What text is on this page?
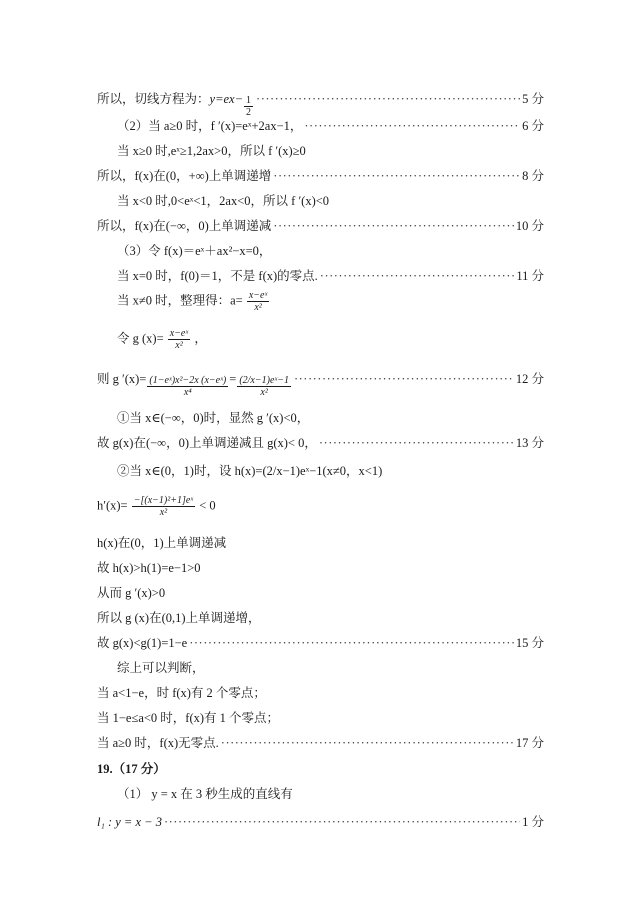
所以，切线方程为： $y=ex- \frac{1}{2}$ ·····	5 分
（2）当 a≥0 时，f ′(x)=eˣ+2ax−1， ·····	6 分
当 x≥0 时,eˣ≥1,2ax>0，所以 f ′(x)≥0
所以，f(x)在(0，+∞)上单调递增 ·····	8 分
当 x<0 时,0<eˣ<1，2ax<0，所以 f ′(x)<0
所以，f(x)在(−∞，0)上单调递减 ·····	10 分
（3）令 f(x)＝eˣ＋ax²−x=0，
当 x=0 时，f(0)＝1，不是 f(x)的零点. ·····	11 分
当 x≠0 时，整理得：$a= \frac{\text{x−eˣ}}{\text{x²}}$
令 g $(x)= \frac{\text{x−eˣ}}{\text{x²}}$ ，
则 g $'(x)= \frac{\text{(1−eˣ)x²−2x (x−eˣ)}}{\text{x⁴}} = \frac{\text{(2/x−1)eˣ−1}}{\text{x²}}$ ·····	12 分
①当 x∈(−∞，0)时，显然 g ′(x)<0，
故 g(x)在(−∞，0)上单调递减且 g(x)< 0， ·····	13 分
②当 x∈(0，1)时，设 h(x)=(2/x−1)eˣ−1(x≠0，x<1)
$h'(x)= \frac{\text{−[(x−1)²+1]eˣ}}{\text{x²}} < 0$
h(x)在(0，1)上单调递减
故 h(x)>h(1)=e−1>0
从而 g ′(x)>0
所以 g (x)在(0,1)上单调递增，
故 g(x)<g(1)=1−e ·····	15 分
综上可以判断，
当 a<1−e，时 f(x)有 2 个零点；
当 1−e≤a<0 时，f(x)有 1 个零点；
当 a≥0 时，f(x)无零点. ·····	17 分
19.（17 分）
（1） y = x 在 3 秒生成的直线有
l₁ : y = x − 3 ·····	1 分
